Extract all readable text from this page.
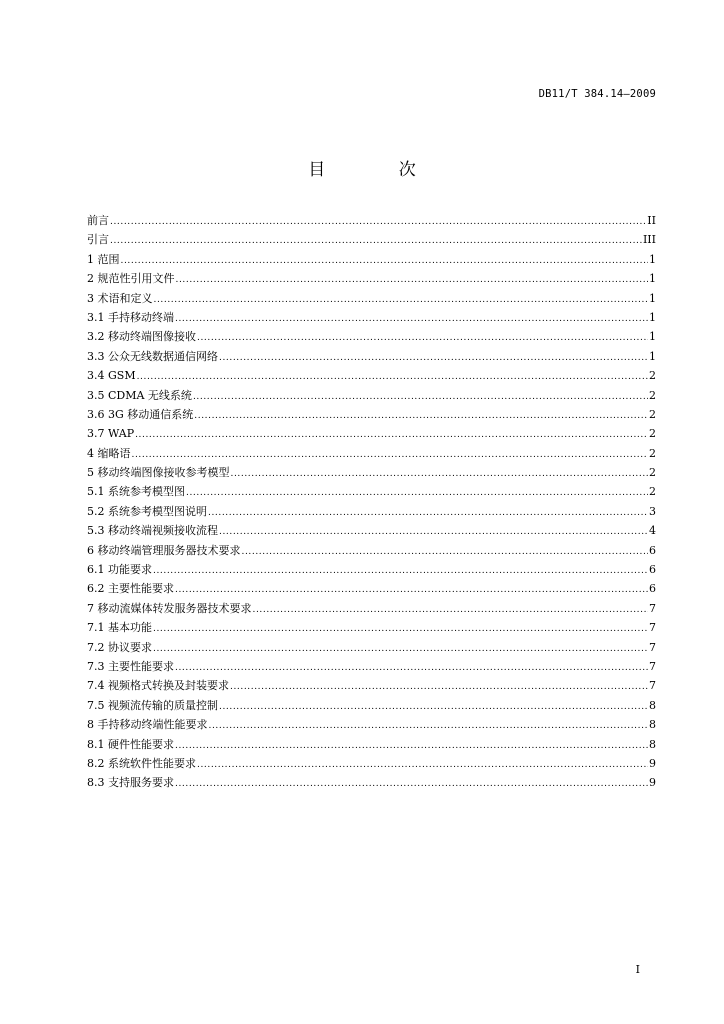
DB11/T 384.14—2009
目 次
前言 .....	II
引言 .....	III
1 范围 .....	1
2 规范性引用文件 .....	1
3 术语和定义 .....	1
3.1 手持移动终端 .....	1
3.2 移动终端图像接收 .....	1
3.3 公众无线数据通信网络 .....	1
3.4 GSM .....	2
3.5 CDMA 无线系统 .....	2
3.6 3G 移动通信系统 .....	2
3.7 WAP .....	2
4 缩略语 .....	2
5 移动终端图像接收参考模型 .....	2
5.1 系统参考模型图 .....	2
5.2 系统参考模型图说明 .....	3
5.3 移动终端视频接收流程 .....	4
6 移动终端管理服务器技术要求 .....	6
6.1 功能要求 .....	6
6.2 主要性能要求 .....	6
7 移动流媒体转发服务器技术要求 .....	7
7.1 基本功能 .....	7
7.2 协议要求 .....	7
7.3 主要性能要求 .....	7
7.4 视频格式转换及封装要求 .....	7
7.5 视频流传输的质量控制 .....	8
8 手持移动终端性能要求 .....	8
8.1 硬件性能要求 .....	8
8.2 系统软件性能要求 .....	9
8.3 支持服务要求 .....	9
I
